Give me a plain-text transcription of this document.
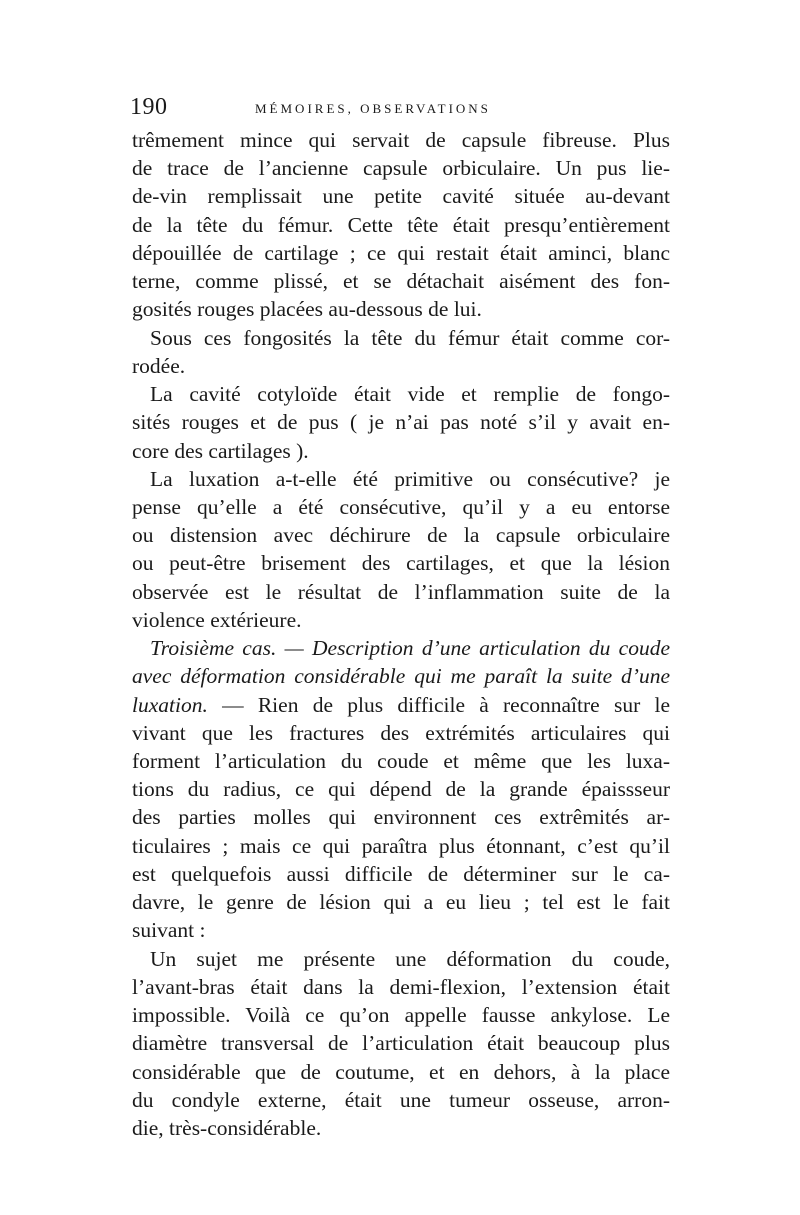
190	MÉMOIRES, OBSERVATIONS
trêmement mince qui servait de capsule fibreuse. Plus
de trace de l’ancienne capsule orbiculaire. Un pus lie-
de-vin remplissait une petite cavité située au-devant
de la tête du fémur. Cette tête était presqu’entièrement
dépouillée de cartilage ; ce qui restait était aminci, blanc
terne, comme plissé, et se détachait aisément des fon-
gosités rouges placées au-dessous de lui.
Sous ces fongosités la tête du fémur était comme cor-
rodée.
La cavité cotyloïde était vide et remplie de fongo-
sités rouges et de pus ( je n’ai pas noté s’il y avait en-
core des cartilages ).
La luxation a-t-elle été primitive ou consécutive? je
pense qu’elle a été consécutive, qu’il y a eu entorse
ou distension avec déchirure de la capsule orbiculaire
ou peut-être brisement des cartilages, et que la lésion
observée est le résultat de l’inflammation suite de la
violence extérieure.
Troisième cas. — Description d’une articulation du coude
avec déformation considérable qui me paraît la suite d’une
luxation. — Rien de plus difficile à reconnaître sur le
vivant que les fractures des extrémités articulaires qui
forment l’articulation du coude et même que les luxa-
tions du radius, ce qui dépend de la grande épaissseur
des parties molles qui environnent ces extrêmités ar-
ticulaires ; mais ce qui paraîtra plus étonnant, c’est qu’il
est quelquefois aussi difficile de déterminer sur le ca-
davre, le genre de lésion qui a eu lieu ; tel est le fait
suivant :
Un sujet me présente une déformation du coude,
l’avant-bras était dans la demi-flexion, l’extension était
impossible. Voilà ce qu’on appelle fausse ankylose. Le
diamètre transversal de l’articulation était beaucoup plus
considérable que de coutume, et en dehors, à la place
du condyle externe, était une tumeur osseuse, arron-
die, très-considérable.
